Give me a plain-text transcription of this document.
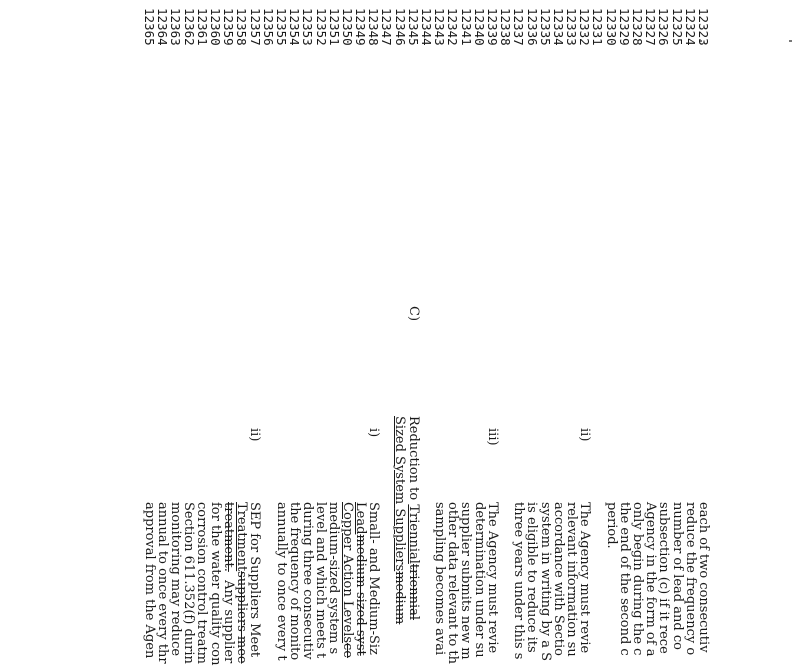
12323
12324
12325
12326
12327
12328
12329
12330
12331
12332
12333
12334
12335
12336
12337
12338
12339
12340
12341
12342
12343
12344
12345
12346
12347
12348
12349
12350
12351
12352
12353
12354
12355
12356
12357
12358
12359
12360
12361
12362
12363
12364
12365
each of two consecutiv
reduce the frequency o
number of lead and co
subsection (c) if it rece
Agency in the form of a
only begin during the c
the end of the second c
period.
ii)
The Agency must revie
relevant information su
accordance with Sectio
system in writing by a S
is eligible to reduce its
three years under this s
iii)
The Agency must revie
determination under su
supplier submits new m
other data relevant to th
sampling becomes avai
C)
Reduction to Triennialtriennial
Sized System Suppliersmedium
i)
Small- and Medium-Siz
Leadmedium-sized syst
Copper Action Levelsce
medium-sized system s
level and which meets t
during three consecutiv
the frequency of monito
annually to once every t
ii)
SEP for Suppliers Meet
Treatmentsuppliers mee
treatment.  Any supplier
for the water quality con
corrosion control treatm
Section 611.352(f) durin
monitoring may reduce
annual to once every thr
approval from the Agen
